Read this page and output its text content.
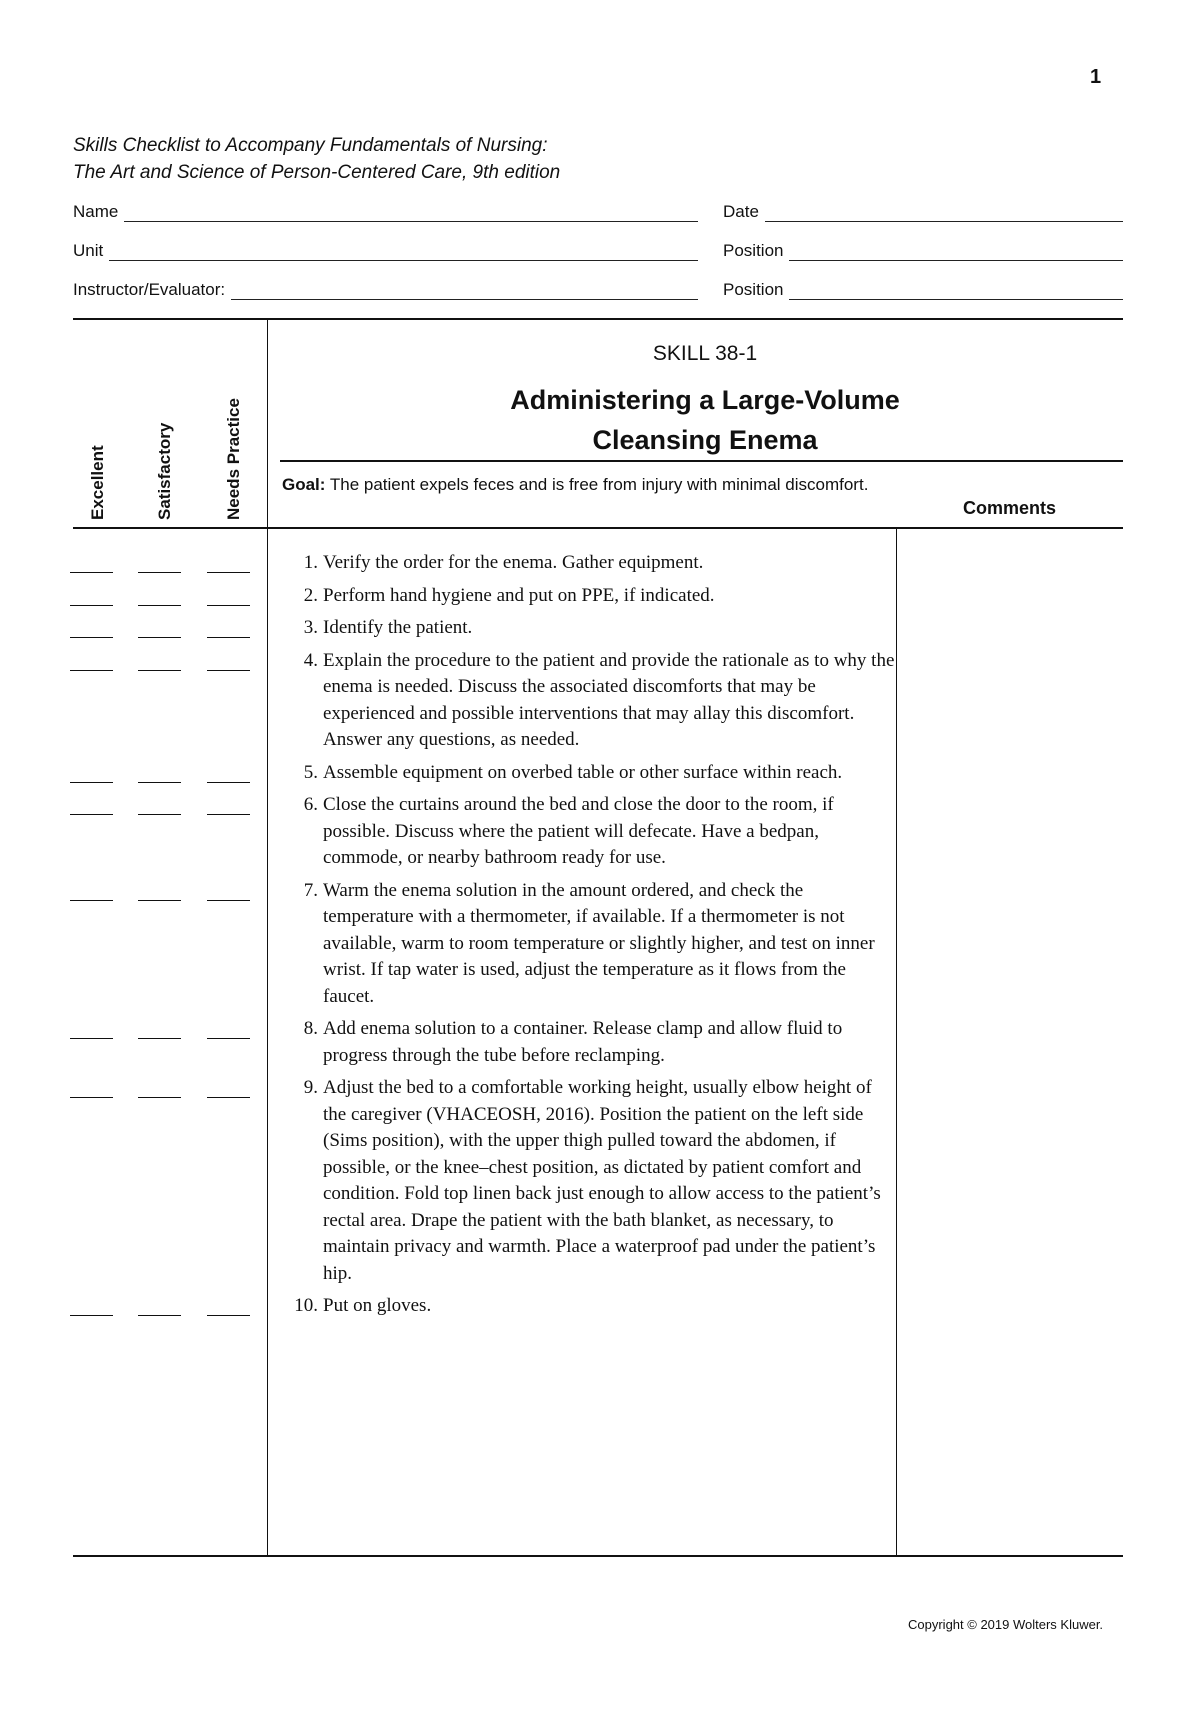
1
Skills Checklist to Accompany Fundamentals of Nursing:
The Art and Science of Person-Centered Care, 9th edition
Name	Date
Unit	Position
Instructor/Evaluator:	Position
Excellent	Satisfactory	Needs Practice
SKILL 38-1
Administering a Large-Volume
Cleansing Enema
Goal: The patient expels feces and is free from injury with minimal discomfort.
Comments
1. Verify the order for the enema. Gather equipment.
2. Perform hand hygiene and put on PPE, if indicated.
3. Identify the patient.
4. Explain the procedure to the patient and provide the rationale as to why the enema is needed. Discuss the associated discomforts that may be experienced and possible interventions that may allay this discomfort. Answer any questions, as needed.
5. Assemble equipment on overbed table or other surface within reach.
6. Close the curtains around the bed and close the door to the room, if possible. Discuss where the patient will defecate. Have a bedpan, commode, or nearby bathroom ready for use.
7. Warm the enema solution in the amount ordered, and check the temperature with a thermometer, if available. If a thermometer is not available, warm to room temperature or slightly higher, and test on inner wrist. If tap water is used, adjust the temperature as it flows from the faucet.
8. Add enema solution to a container. Release clamp and allow fluid to progress through the tube before reclamping.
9. Adjust the bed to a comfortable working height, usually elbow height of the caregiver (VHACEOSH, 2016). Position the patient on the left side (Sims position), with the upper thigh pulled toward the abdomen, if possible, or the knee–chest position, as dictated by patient comfort and condition. Fold top linen back just enough to allow access to the patient’s rectal area. Drape the patient with the bath blanket, as necessary, to maintain privacy and warmth. Place a waterproof pad under the patient’s hip.
10. Put on gloves.
Copyright © 2019 Wolters Kluwer.
